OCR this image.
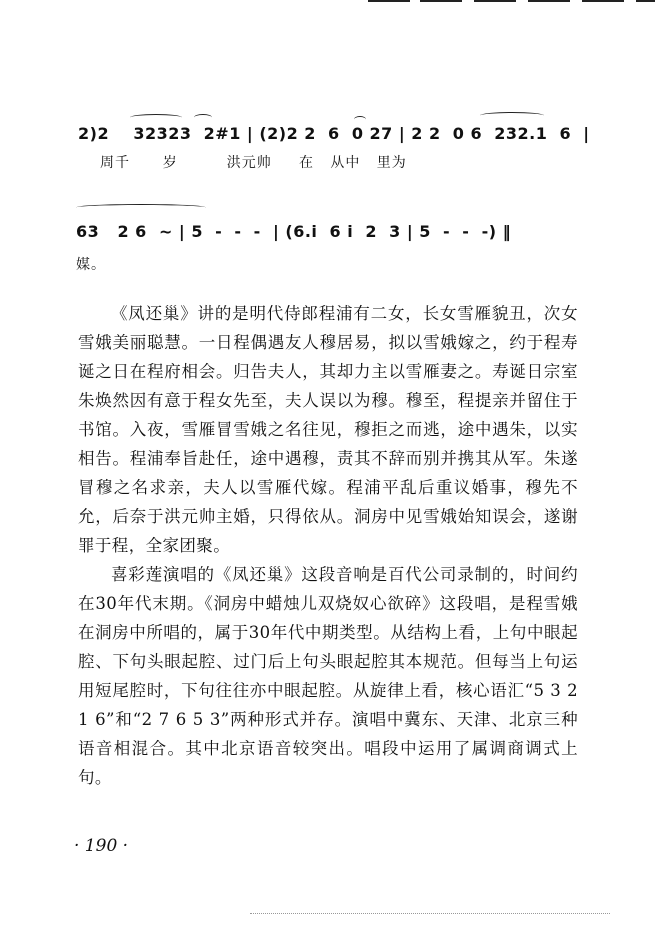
2)2    32323  2#1 | (2)2 2  6  0 27 | 2 2  0 6  232.1  6  |
周千      岁         洪元帅     在   从中   里为
63   2 6  ~ | 5  -  -  -  | (6.i  6 i  2  3 | 5  -  -  -) ‖
媒。

《凤还巢》讲的是明代侍郎程浦有二女，长女雪雁貌丑，次女雪娥美丽聪慧。一日程偶遇友人穆居易，拟以雪娥嫁之，约于程寿诞之日在程府相会。归告夫人，其却力主以雪雁妻之。寿诞日宗室朱焕然因有意于程女先至，夫人误以为穆。穆至，程提亲并留住于书馆。入夜，雪雁冒雪娥之名往见，穆拒之而逃，途中遇朱，以实相告。程浦奉旨赴任，途中遇穆，责其不辞而别并携其从军。朱遂冒穆之名求亲，夫人以雪雁代嫁。程浦平乱后重议婚事，穆先不允，后奈于洪元帅主婚，只得依从。洞房中见雪娥始知误会，遂谢罪于程，全家团聚。

喜彩莲演唱的《凤还巢》这段音响是百代公司录制的，时间约在30年代末期。《洞房中蜡烛儿双烧奴心欲碎》这段唱，是程雪娥在洞房中所唱的，属于30年代中期类型。从结构上看，上句中眼起腔、下句头眼起腔、过门后上句头眼起腔其本规范。但每当上句运用短尾腔时，下句往往亦中眼起腔。从旋律上看，核心语汇“5 3 2 1 6”和“2 7 6 5 3”两种形式并存。演唱中冀东、天津、北京三种语音相混合。其中北京语音较突出。唱段中运用了属调商调式上句。

· 190 ·
